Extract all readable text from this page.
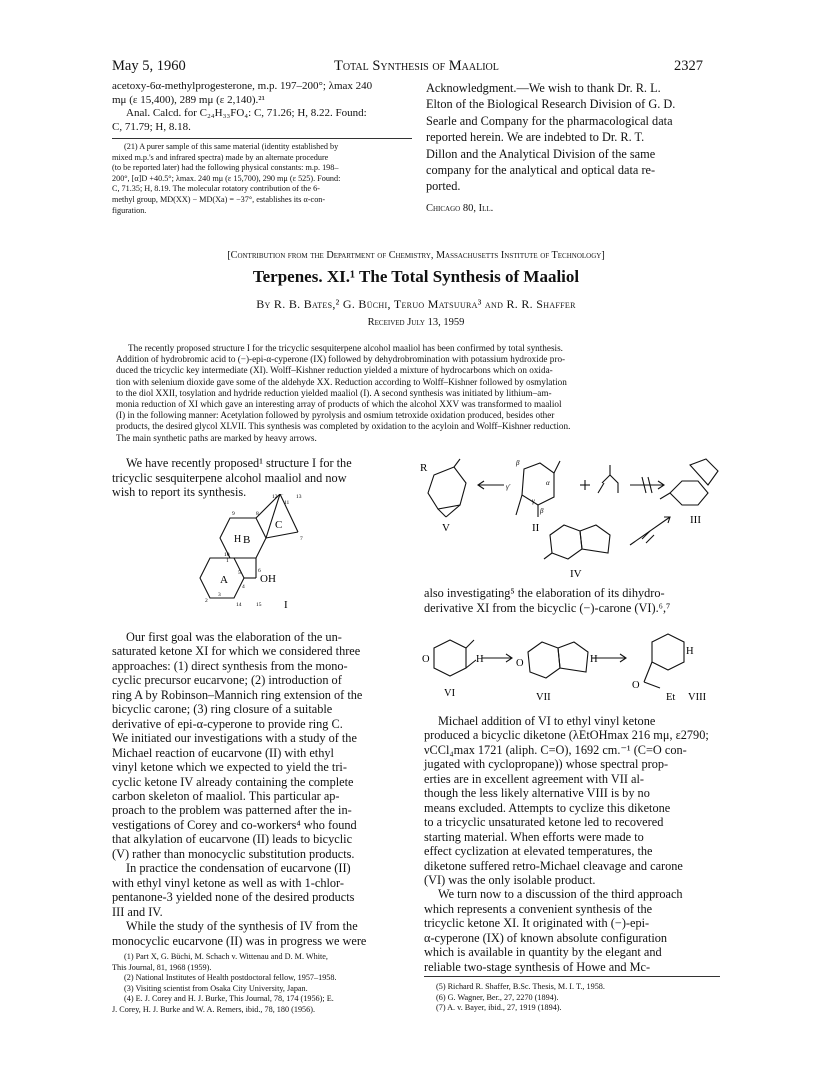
May 5, 1960	Total Synthesis of Maaliol	2327
acetoxy-6α-methylprogesterone, m.p. 197–200°; λmax 240
mμ (ε 15,400), 289 mμ (ε 2,140).²¹
Anal. Calcd. for C₂₄H₃₃FO₄: C, 71.26; H, 8.22. Found:
C, 71.79; H, 8.18.
(21) A purer sample of this same material (identity established by
mixed m.p.'s and infrared spectra) made by an alternate procedure
(to be reported later) had the following physical constants: m.p. 198–
200°, [α]D +40.5°; λmax. 240 mμ (ε 15,700), 290 mμ (ε 525). Found:
C, 71.35; H, 8.19. The molecular rotatory contribution of the 6-
methyl group, MD(XX) − MD(Xa) = −37°, establishes its α-con-
figuration.
Acknowledgment.—We wish to thank Dr. R. L.
Elton of the Biological Research Division of G. D.
Searle and Company for the pharmacological data
reported herein. We are indebted to Dr. R. T.
Dillon and the Analytical Division of the same
company for the analytical and optical data re-
ported.
Chicago 80, Ill.
[Contribution from the Department of Chemistry, Massachusetts Institute of Technology]
Terpenes. XI.¹ The Total Synthesis of Maaliol
By R. B. Bates,² G. Büchi, Teruo Matsuura³ and R. R. Shaffer
Received July 13, 1959
The recently proposed structure I for the tricyclic sesquiterpene alcohol maaliol has been confirmed by total synthesis.
Addition of hydrobromic acid to (−)-epi-α-cyperone (IX) followed by dehydrobromination with potassium hydroxide pro-
duced the tricyclic key intermediate (XI). Wolff–Kishner reduction yielded a mixture of hydrocarbons which on oxida-
tion with selenium dioxide gave some of the aldehyde XX. Reduction according to Wolff–Kishner followed by osmylation
to the diol XXII, tosylation and hydride reduction yielded maaliol (I). A second synthesis was initiated by lithium–am-
monia reduction of XI which gave an interesting array of products of which the alcohol XXV was transformed to maaliol
(I) in the following manner: Acetylation followed by pyrolysis and osmium tetroxide oxidation produced, besides other
products, the desired glycol XLVII. This synthesis was completed by oxidation to the acyloin and Wolff–Kishner reduction.
The main synthetic paths are marked by heavy arrows.
We have recently proposed¹ structure I for the
tricyclic sesquiterpene alcohol maaliol and now
wish to report its synthesis.
H B
C
A	OH
I
1
2
3
4
5	6
7
8
9
10
11
12	13
14	15
Our first goal was the elaboration of the un-
saturated ketone XI for which we considered three
approaches: (1) direct synthesis from the mono-
cyclic precursor eucarvone; (2) introduction of
ring A by Robinson–Mannich ring extension of the
bicyclic carone; (3) ring closure of a suitable
derivative of epi-α-cyperone to provide ring C.
We initiated our investigations with a study of the
Michael reaction of eucarvone (II) with ethyl
vinyl ketone which we expected to yield the tri-
cyclic ketone IV already containing the complete
carbon skeleton of maaliol. This particular ap-
proach to the problem was patterned after the in-
vestigations of Corey and co-workers⁴ who found
that alkylation of eucarvone (II) leads to bicyclic
(V) rather than monocyclic substitution products.
In practice the condensation of eucarvone (II)
with ethyl vinyl ketone as well as with 1-chlor-
pentanone-3 yielded none of the desired products
III and IV.
While the study of the synthesis of IV from the
monocyclic eucarvone (II) was in progress we were
(1) Part X, G. Büchi, M. Schach v. Wittenau and D. M. White,
This Journal, 81, 1968 (1959).
(2) National Institutes of Health postdoctoral fellow, 1957–1958.
(3) Visiting scientist from Osaka City University, Japan.
(4) E. J. Corey and H. J. Burke, This Journal, 78, 174 (1956); E.
J. Corey, H. J. Burke and W. A. Remers, ibid., 78, 180 (1956).
R
V	II
III
IV
γ
α
β
γ'
β
also investigating⁵ the elaboration of its dihydro-
derivative XI from the bicyclic (−)-carone (VI).⁶,⁷
O	H
VI
O	H
VII
H
O
Et VIII
Michael addition of VI to ethyl vinyl ketone
produced a bicyclic diketone (λEtOHmax 216 mμ, ε2790;
νCCl₄max 1721 (aliph. C=O), 1692 cm.⁻¹ (C=O con-
jugated with cyclopropane)) whose spectral prop-
erties are in excellent agreement with VII al-
though the less likely alternative VIII is by no
means excluded. Attempts to cyclize this diketone
to a tricyclic unsaturated ketone led to recovered
starting material. When efforts were made to
effect cyclization at elevated temperatures, the
diketone suffered retro-Michael cleavage and carone
(VI) was the only isolable product.
We turn now to a discussion of the third approach
which represents a convenient synthesis of the
tricyclic ketone XI. It originated with (−)-epi-
α-cyperone (IX) of known absolute configuration
which is available in quantity by the elegant and
reliable two-stage synthesis of Howe and Mc-
(5) Richard R. Shaffer, B.Sc. Thesis, M. I. T., 1958.
(6) G. Wagner, Ber., 27, 2270 (1894).
(7) A. v. Bayer, ibid., 27, 1919 (1894).
